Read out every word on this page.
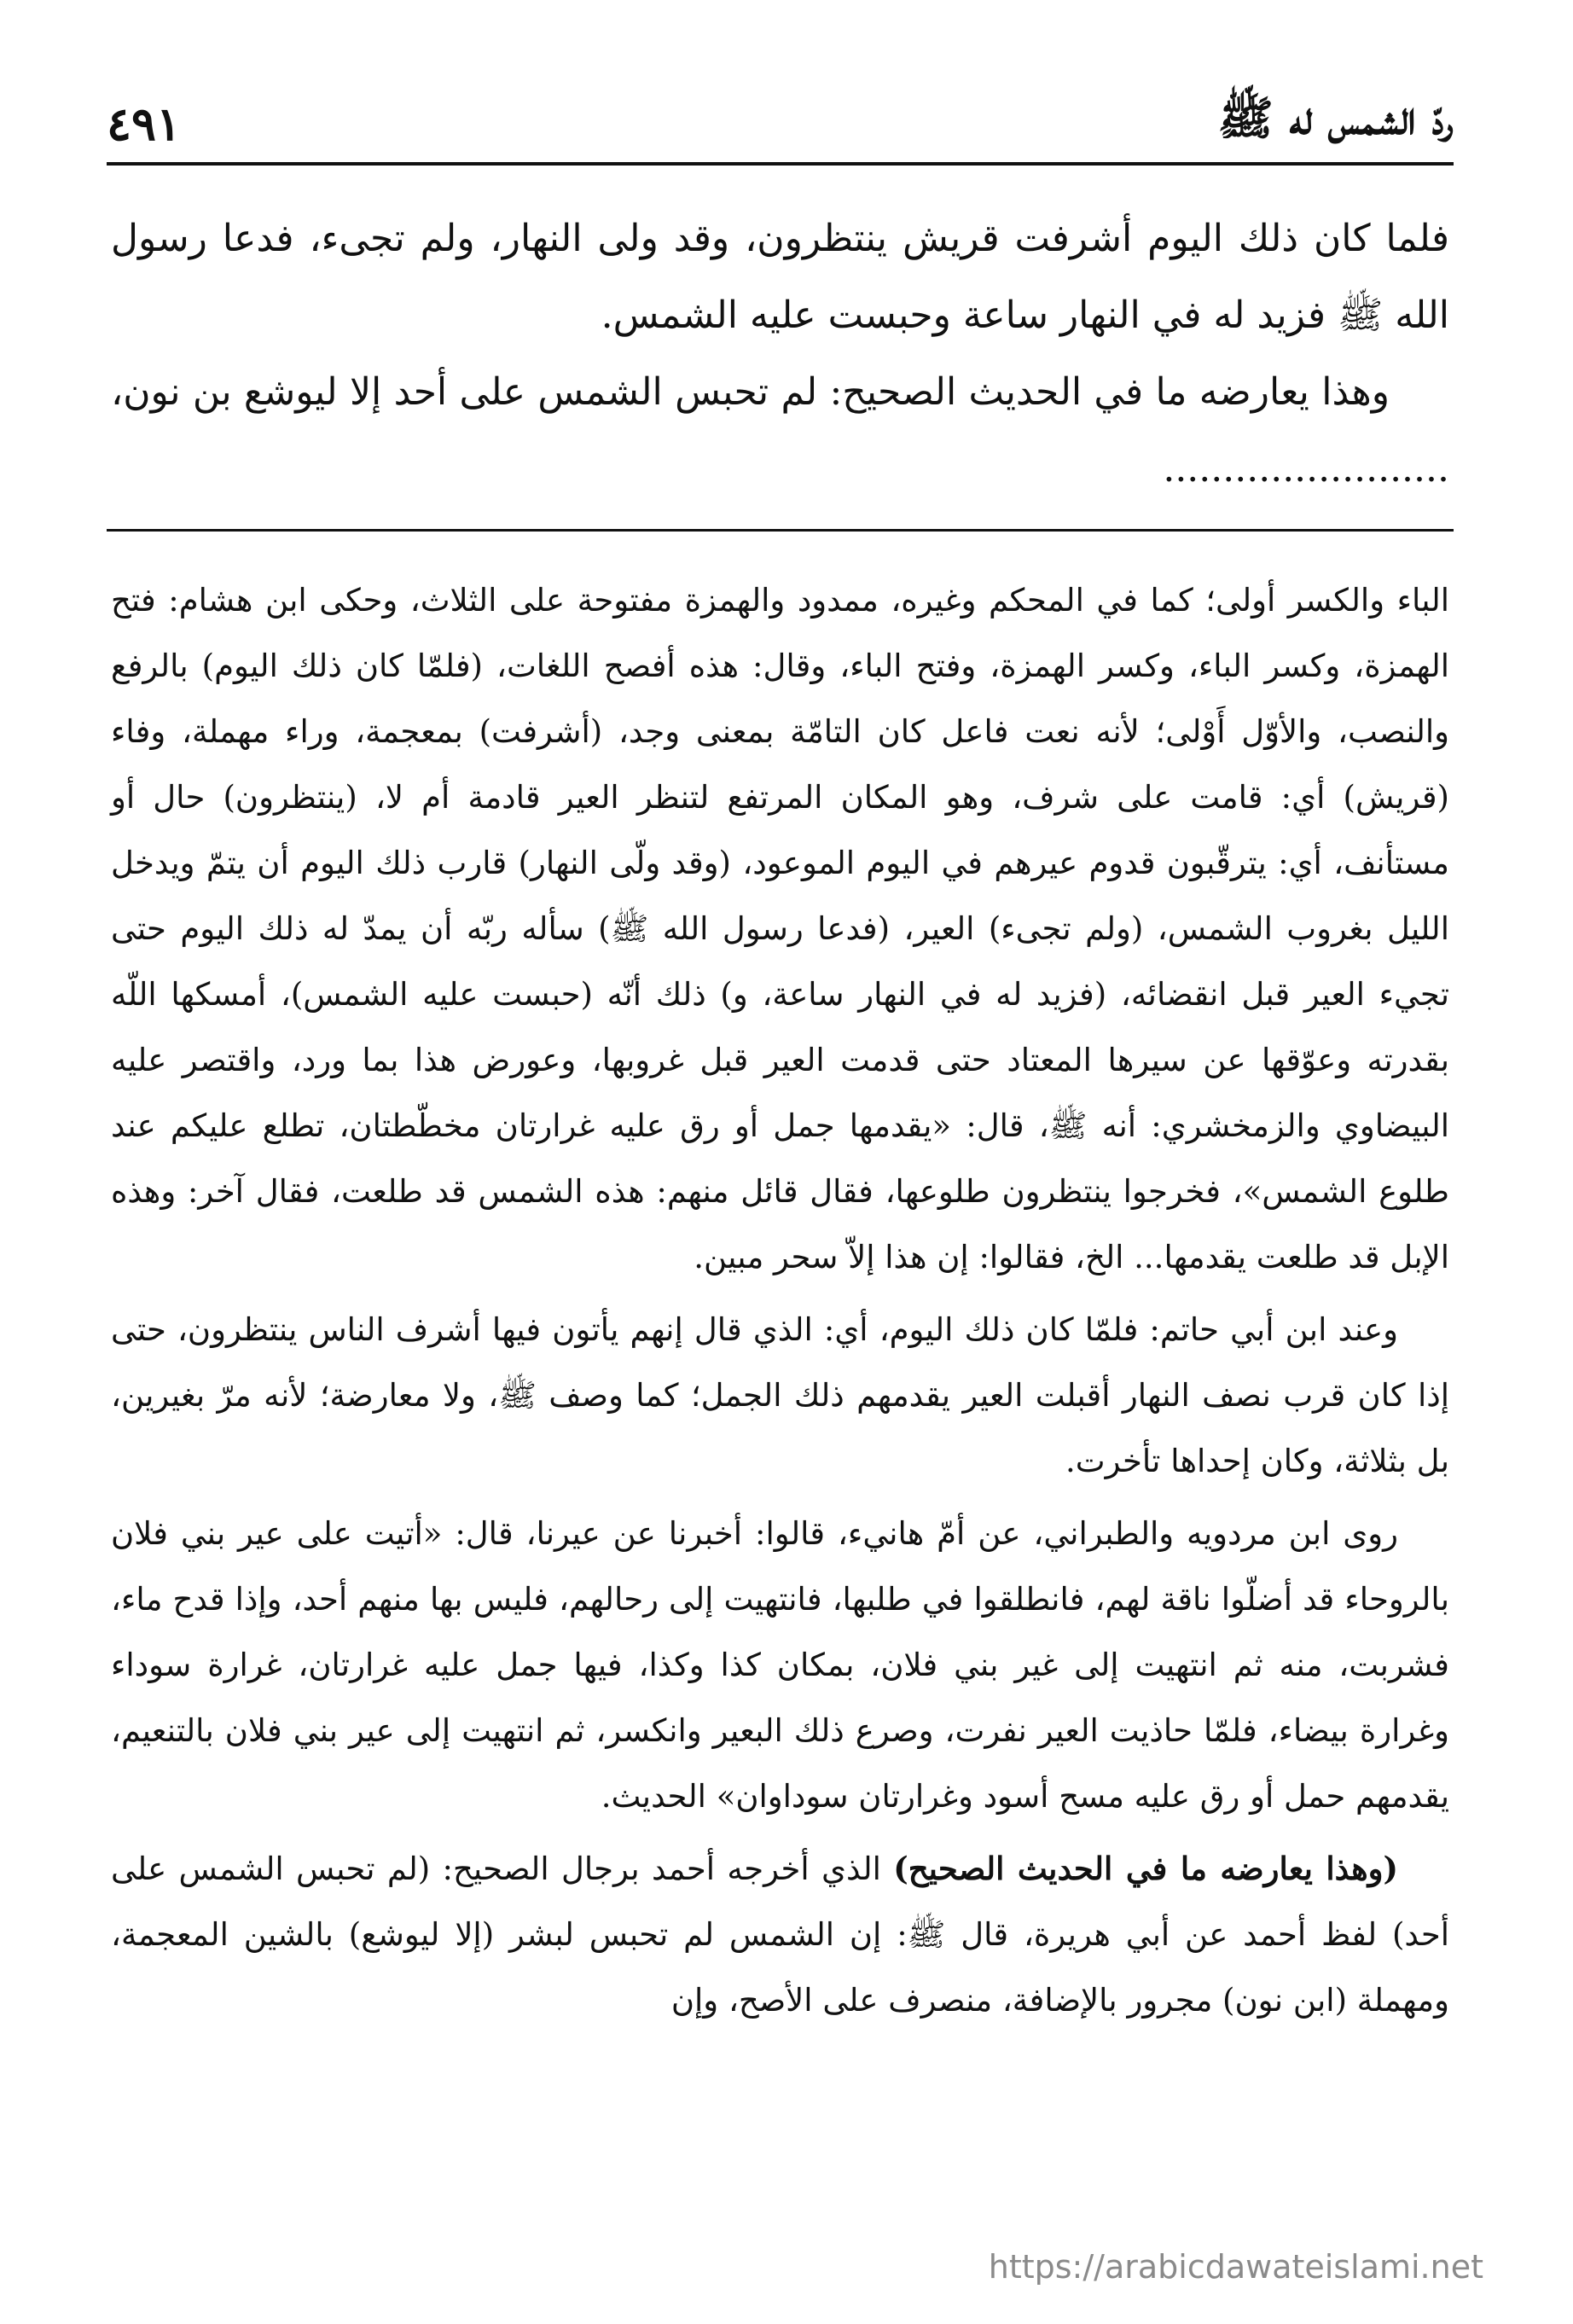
ردّ الشمس له ﷺ
٤٩١

فلما كان ذلك اليوم أشرفت قريش ينتظرون، وقد ولى النهار، ولم تجىء، فدعا رسول الله ﷺ فزيد له في النهار ساعة وحبست عليه الشمس.

وهذا يعارضه ما في الحديث الصحيح: لم تحبس الشمس على أحد إلا ليوشع بن نون، ........................

الباء والكسر أولى؛ كما في المحكم وغيره، ممدود والهمزة مفتوحة على الثلاث، وحكى ابن هشام: فتح الهمزة، وكسر الباء، وكسر الهمزة، وفتح الباء، وقال: هذه أفصح اللغات، (فلمّا كان ذلك اليوم) بالرفع والنصب، والأوّل أَوْلى؛ لأنه نعت فاعل كان التامّة بمعنى وجد، (أشرفت) بمعجمة، وراء مهملة، وفاء (قريش) أي: قامت على شرف، وهو المكان المرتفع لتنظر العير قادمة أم لا، (ينتظرون) حال أو مستأنف، أي: يترقّبون قدوم عيرهم في اليوم الموعود، (وقد ولّى النهار) قارب ذلك اليوم أن يتمّ ويدخل الليل بغروب الشمس، (ولم تجىء) العير، (فدعا رسول الله ﷺ) سأله ربّه أن يمدّ له ذلك اليوم حتى تجيء العير قبل انقضائه، (فزيد له في النهار ساعة، و) ذلك أنّه (حبست عليه الشمس)، أمسكها اللّه بقدرته وعوّقها عن سيرها المعتاد حتى قدمت العير قبل غروبها، وعورض هذا بما ورد، واقتصر عليه البيضاوي والزمخشري: أنه ﷺ، قال: «يقدمها جمل أو رق عليه غرارتان مخطّطتان، تطلع عليكم عند طلوع الشمس»، فخرجوا ينتظرون طلوعها، فقال قائل منهم: هذه الشمس قد طلعت، فقال آخر: وهذه الإبل قد طلعت يقدمها... الخ، فقالوا: إن هذا إلاّ سحر مبين.

وعند ابن أبي حاتم: فلمّا كان ذلك اليوم، أي: الذي قال إنهم يأتون فيها أشرف الناس ينتظرون، حتى إذا كان قرب نصف النهار أقبلت العير يقدمهم ذلك الجمل؛ كما وصف ﷺ، ولا معارضة؛ لأنه مرّ بغيرين، بل بثلاثة، وكان إحداها تأخرت.

روى ابن مردويه والطبراني، عن أمّ هانيء، قالوا: أخبرنا عن عيرنا، قال: «أتيت على عير بني فلان بالروحاء قد أضلّوا ناقة لهم، فانطلقوا في طلبها، فانتهيت إلى رحالهم، فليس بها منهم أحد، وإذا قدح ماء، فشربت، منه ثم انتهيت إلى غير بني فلان، بمكان كذا وكذا، فيها جمل عليه غرارتان، غرارة سوداء وغرارة بيضاء، فلمّا حاذيت العير نفرت، وصرع ذلك البعير وانكسر، ثم انتهيت إلى عير بني فلان بالتنعيم، يقدمهم حمل أو رق عليه مسح أسود وغرارتان سوداوان» الحديث.

(وهذا يعارضه ما في الحديث الصحيح) الذي أخرجه أحمد برجال الصحيح: (لم تحبس الشمس على أحد) لفظ أحمد عن أبي هريرة، قال ﷺ: إن الشمس لم تحبس لبشر (إلا ليوشع) بالشين المعجمة، ومهملة (ابن نون) مجرور بالإضافة، منصرف على الأصح، وإن

https://arabicdawateislami.net
